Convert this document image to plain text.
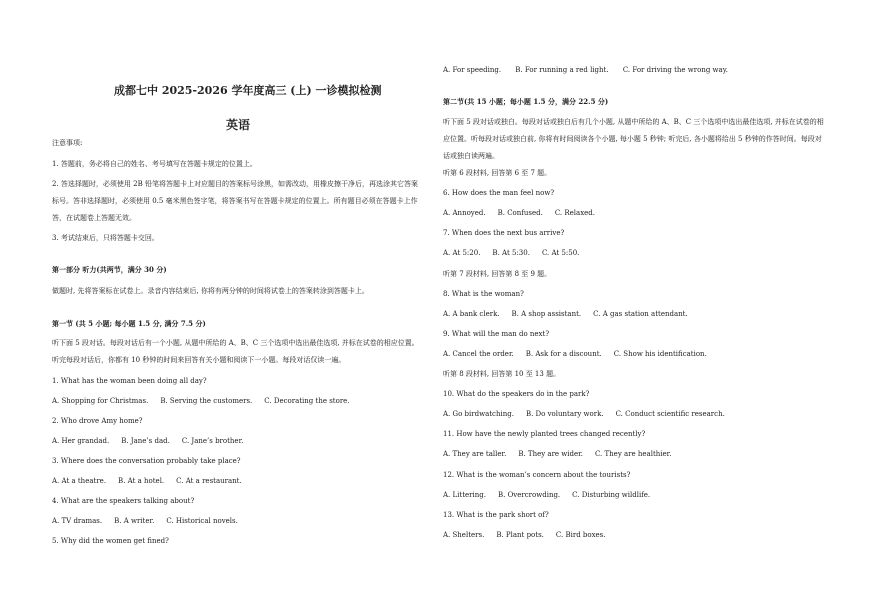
成都七中 2025-2026 学年度高三 (上) 一诊模拟检测
英语
注意事项:
1. 答题前，务必将自己的姓名、考号填写在答题卡规定的位置上。
2. 答选择题时，必须使用 2B 铅笔将答题卡上对应题目的答案标号涂黑，如需改动，用橡皮擦干净后，再选涂其它答案标号。答非选择题时，必须使用 0.5 毫米黑色签字笔，将答案书写在答题卡规定的位置上。所有题目必须在答题卡上作答，在试题卷上答题无效。
3. 考试结束后，只将答题卡交回。
第一部分 听力(共两节，满分 30 分)
做题时, 先将答案标在试卷上。录音内容结束后, 你将有两分钟的时间将试卷上的答案转涂到答题卡上。
第一节 (共 5 小题; 每小题 1.5 分, 满分 7.5 分)
听下面 5 段对话。每段对话后有一个小题, 从题中所给的 A、B、C 三个选项中选出最佳选项, 并标在试卷的相应位置。听完每段对话后，你都有 10 秒钟的时间来回答有关小题和阅读下一小题。每段对话仅读一遍。
1. What has the woman been doing all day?
A. Shopping for Christmas. B. Serving the customers. C. Decorating the store.
2. Who drove Amy home?
A. Her grandad. B. Jane’s dad. C. Jane’s brother.
3. Where does the conversation probably take place?
A. At a theatre. B. At a hotel. C. At a restaurant.
4. What are the speakers talking about?
A. TV dramas. B. A writer. C. Historical novels.
5. Why did the women get fined?
A. For speeding. B. For running a red light. C. For driving the wrong way.
第二节(共 15 小题；每小题 1.5 分，满分 22.5 分)
听下面 5 段对话或独白。每段对话或独白后有几个小题, 从题中所给的 A、B、C 三个选项中选出最佳选项, 并标在试卷的相应位置。听每段对话或独白前, 你将有时间阅读各个小题, 每小题 5 秒钟; 听完后, 各小题将给出 5 秒钟的作答时间。每段对话或独白读两遍。
听第 6 段材料, 回答第 6 至 7 题。
6. How does the man feel now?
A. Annoyed. B. Confused. C. Relaxed.
7. When does the next bus arrive?
A. At 5:20. B. At 5:30. C. At 5:50.
听第 7 段材料, 回答第 8 至 9 题。
8. What is the woman?
A. A bank clerk. B. A shop assistant. C. A gas station attendant.
9. What will the man do next?
A. Cancel the order. B. Ask for a discount. C. Show his identification.
听第 8 段材料, 回答第 10 至 13 题。
10. What do the speakers do in the park?
A. Go birdwatching. B. Do voluntary work. C. Conduct scientific research.
11. How have the newly planted trees changed recently?
A. They are taller. B. They are wider. C. They are healthier.
12. What is the woman’s concern about the tourists?
A. Littering. B. Overcrowding. C. Disturbing wildlife.
13. What is the park short of?
A. Shelters. B. Plant pots. C. Bird boxes.
